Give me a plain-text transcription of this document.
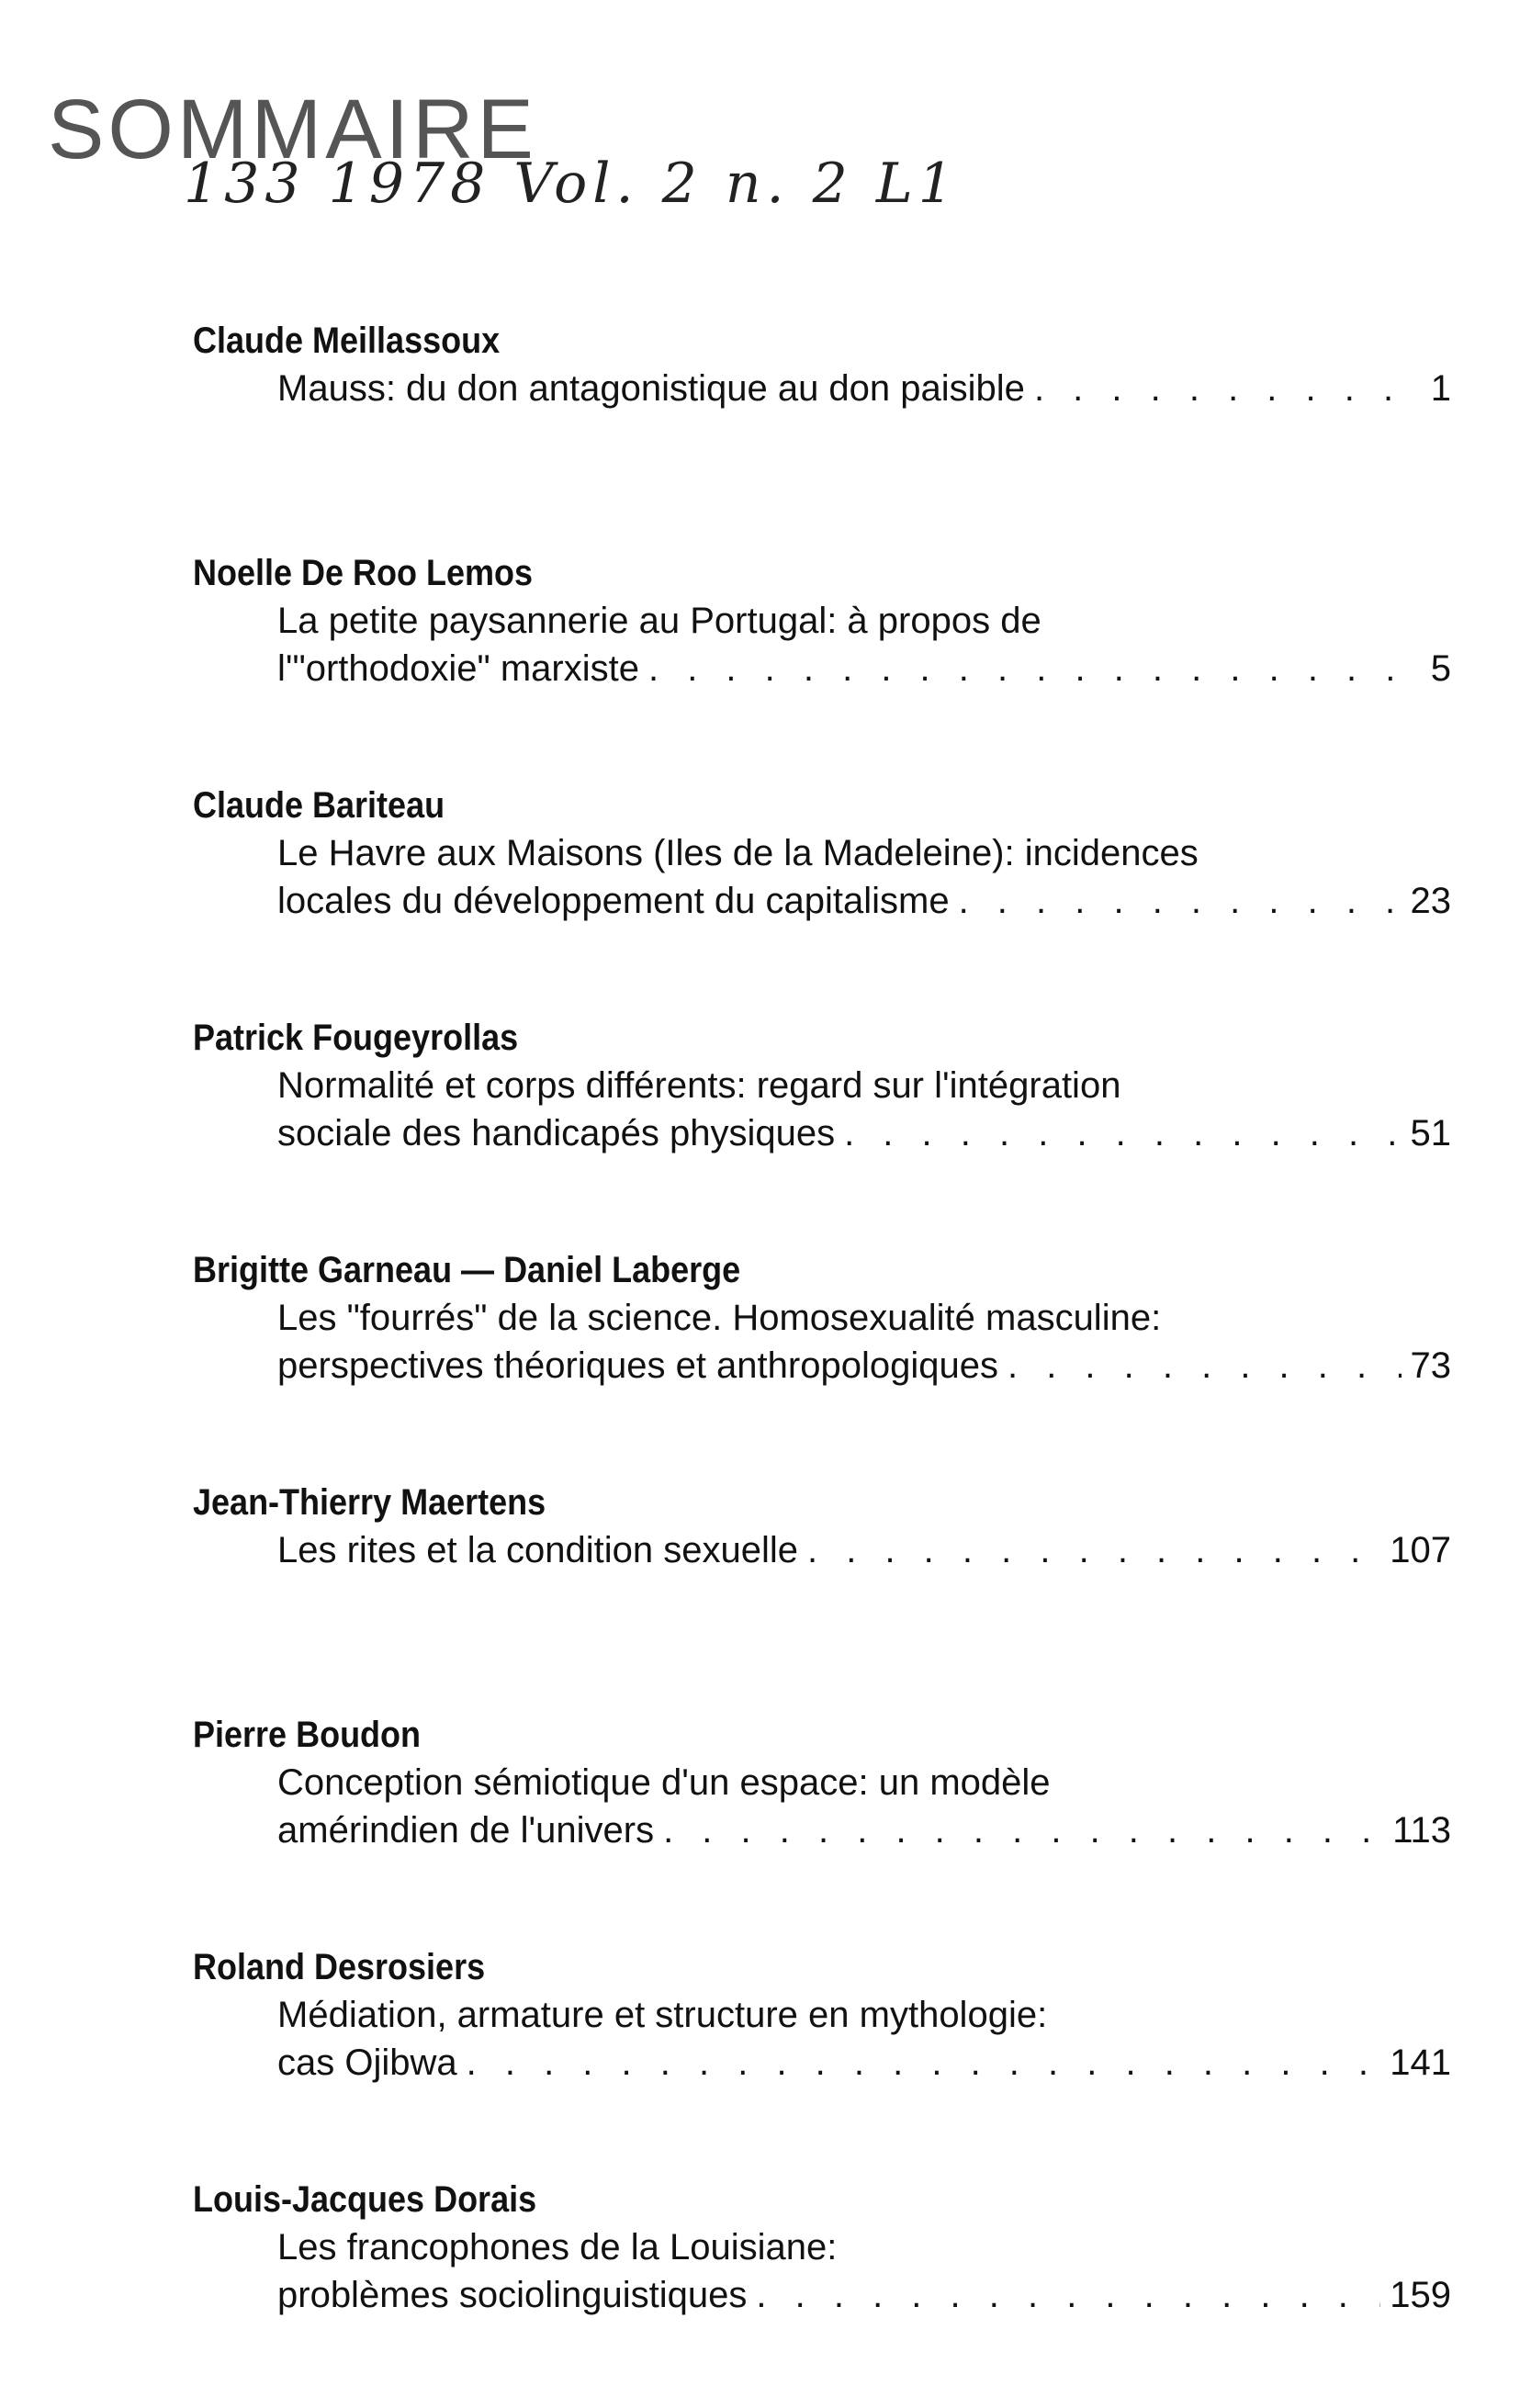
SOMMAIRE
133 1978 Vol. 2 n. 2 L1
Claude Meillassoux
Mauss: du don antagonistique au don paisible . . .	1
Noelle De Roo Lemos
La petite paysannerie au Portugal: à propos de
l'"orthodoxie" marxiste . . .	5
Claude Bariteau
Le Havre aux Maisons (Iles de la Madeleine): incidences
locales du développement du capitalisme . . .	23
Patrick Fougeyrollas
Normalité et corps différents: regard sur l'intégration
sociale des handicapés physiques . . .	51
Brigitte Garneau — Daniel Laberge
Les "fourrés" de la science. Homosexualité masculine:
perspectives théoriques et anthropologiques . . .	73
Jean-Thierry Maertens
Les rites et la condition sexuelle . . .	107
Pierre Boudon
Conception sémiotique d'un espace: un modèle
amérindien de l'univers . . .	113
Roland Desrosiers
Médiation, armature et structure en mythologie:
cas Ojibwa . . .	141
Louis-Jacques Dorais
Les francophones de la Louisiane:
problèmes sociolinguistiques . . .	159
